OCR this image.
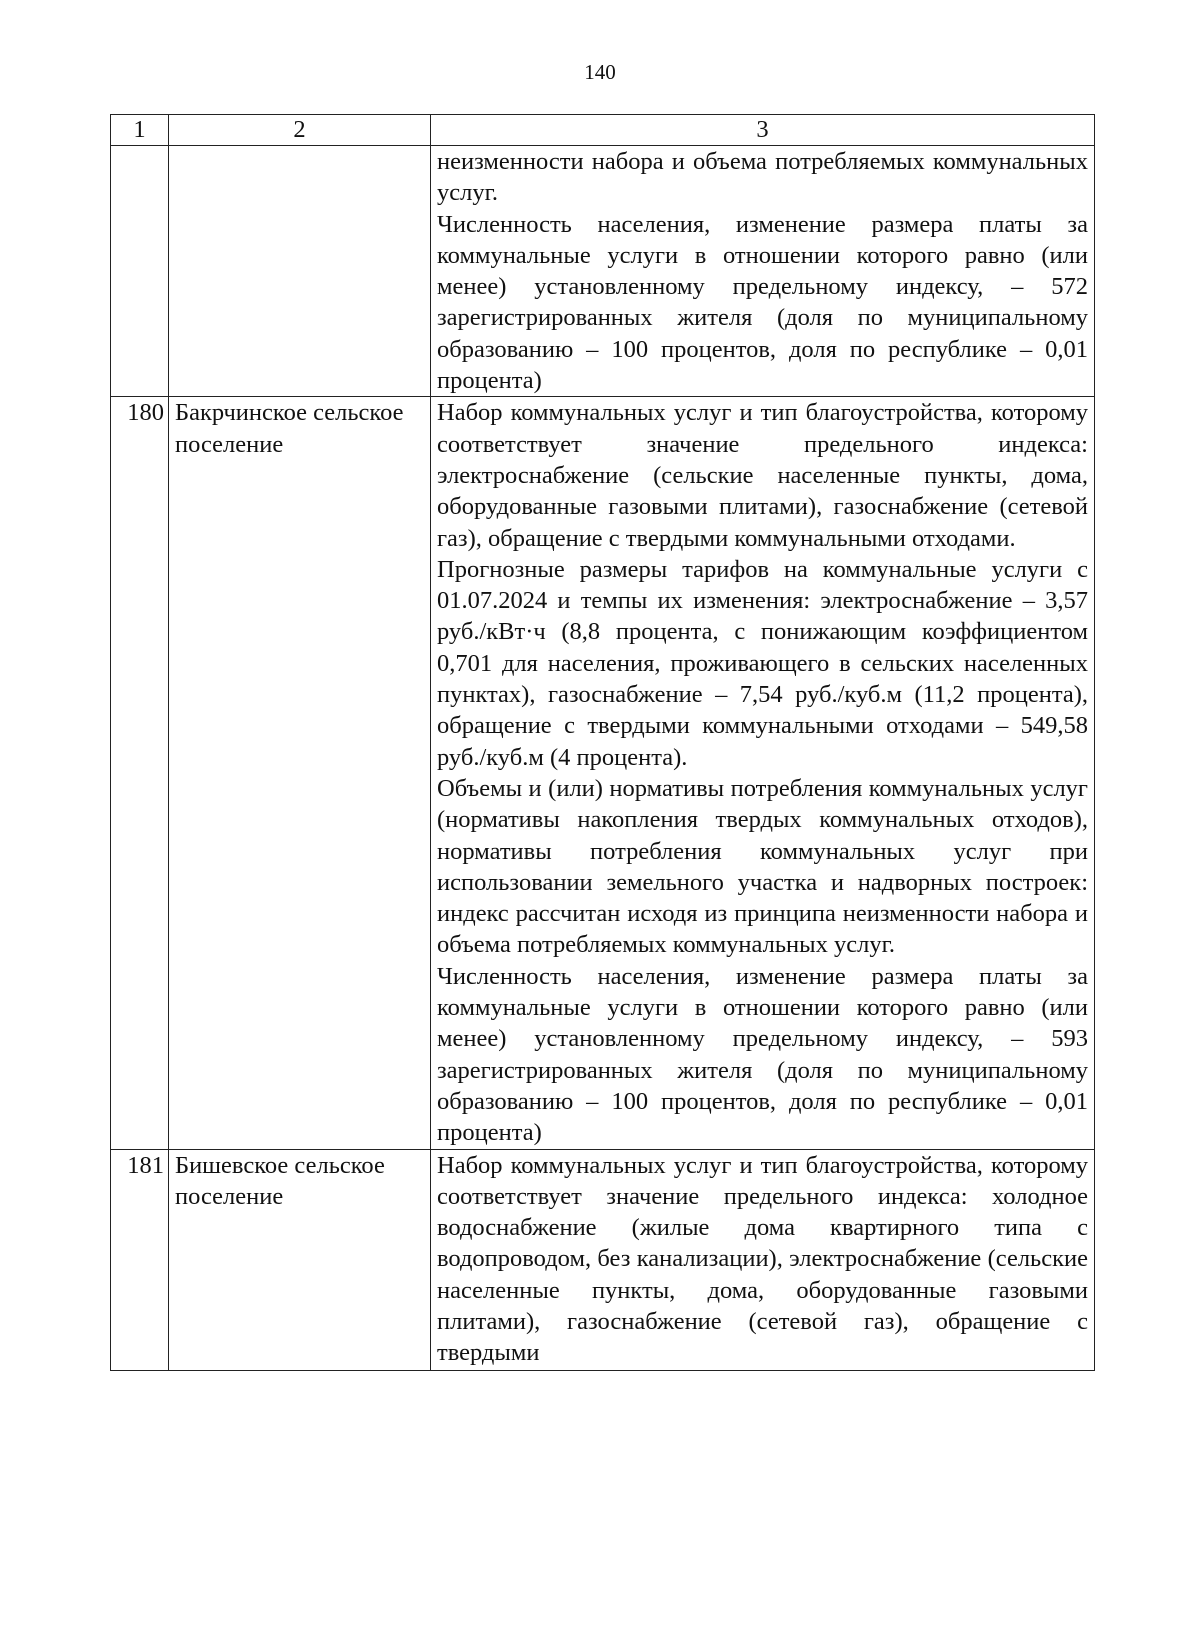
140
1	2	3

		неизменности набора и объема потребляемых коммунальных услуг.

Численность населения, изменение размера платы за коммунальные услуги в отношении которого равно (или менее) установленному предельному индексу, – 572 зарегистрированных жителя (доля по муниципальному образованию – 100 процентов, доля по республике – 0,01 процента)

180	Бакрчинское сельское поселение	Набор коммунальных услуг и тип благоустройства, которому соответствует значение предельного индекса: электроснабжение (сельские населенные пункты, дома, оборудованные газовыми плитами), газоснабжение (сетевой газ), обращение с твердыми коммунальными отходами.

Прогнозные размеры тарифов на коммунальные услуги с 01.07.2024 и темпы их изменения: электроснабжение – 3,57 руб./кВт·ч (8,8 процента, с понижающим коэффициентом 0,701 для населения, проживающего в сельских населенных пунктах), газоснабжение – 7,54 руб./куб.м (11,2 процента), обращение с твердыми коммунальными отходами – 549,58 руб./куб.м (4 процента).

Объемы и (или) нормативы потребления коммунальных услуг (нормативы накопления твердых коммунальных отходов), нормативы потребления коммунальных услуг при использовании земельного участка и надворных построек: индекс рассчитан исходя из принципа неизменности набора и объема потребляемых коммунальных услуг.

Численность населения, изменение размера платы за коммунальные услуги в отношении которого равно (или менее) установленному предельному индексу, – 593 зарегистрированных жителя (доля по муниципальному образованию – 100 процентов, доля по республике – 0,01 процента)

181	Бишевское сельское поселение	Набор коммунальных услуг и тип благоустройства, которому соответствует значение предельного индекса: холодное водоснабжение (жилые дома квартирного типа с водопроводом, без канализации), электроснабжение (сельские населенные пункты, дома, оборудованные газовыми плитами), газоснабжение (сетевой газ), обращение с твердыми
